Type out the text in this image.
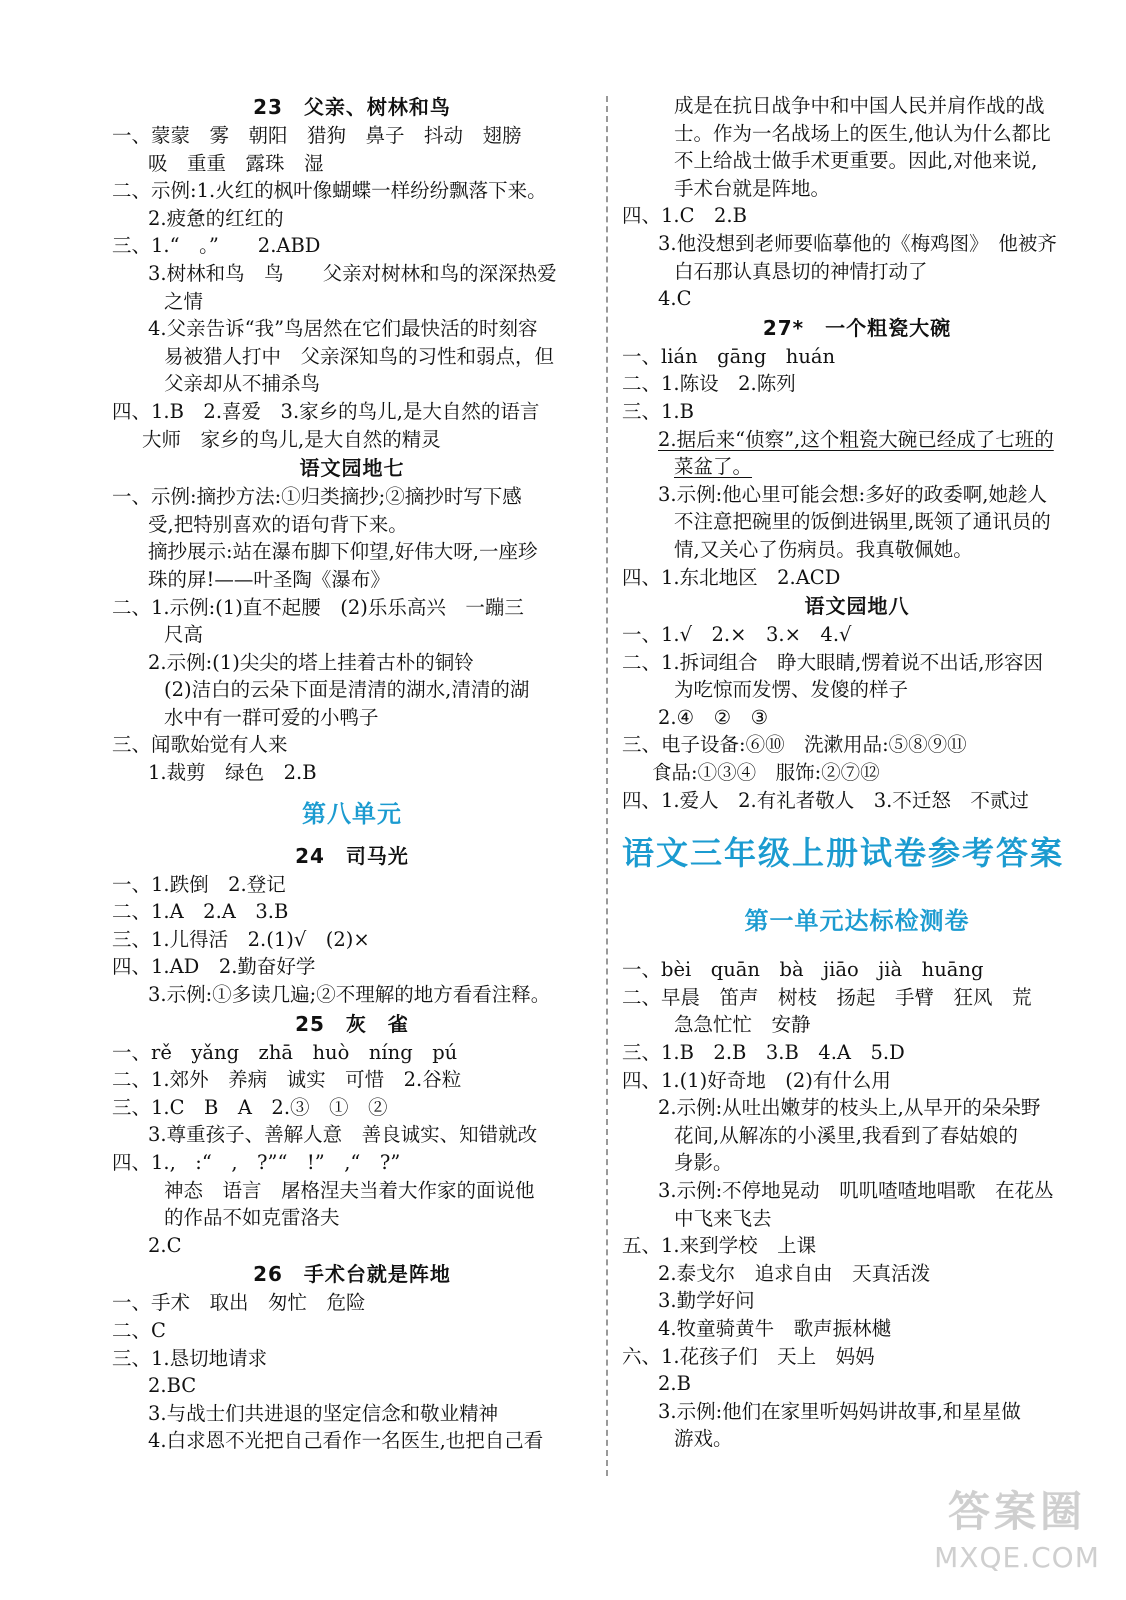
23　父亲、树林和鸟
一、蒙蒙　雾　朝阳　猎狗　鼻子　抖动　翅膀
吸　重重　露珠　湿
二、示例:1.火红的枫叶像蝴蝶一样纷纷飘落下来。
2.疲惫的红红的
三、1.“　。”　　2.ABD
3.树林和鸟　鸟　　父亲对树林和鸟的深深热爱
之情
4.父亲告诉“我”鸟居然在它们最快活的时刻容
易被猎人打中　父亲深知鸟的习性和弱点，但
父亲却从不捕杀鸟
四、1.B　2.喜爱　3.家乡的鸟儿,是大自然的语言
大师　家乡的鸟儿,是大自然的精灵
语文园地七
一、示例:摘抄方法:①归类摘抄;②摘抄时写下感
受,把特别喜欢的语句背下来。
摘抄展示:站在瀑布脚下仰望,好伟大呀,一座珍
珠的屏!——叶圣陶《瀑布》
二、1.示例:(1)直不起腰　(2)乐乐高兴　一蹦三
尺高
2.示例:(1)尖尖的塔上挂着古朴的铜铃
(2)洁白的云朵下面是清清的湖水,清清的湖
水中有一群可爱的小鸭子
三、闻歌始觉有人来
1.裁剪　绿色　2.B
第八单元
24　司马光
一、1.跌倒　2.登记
二、1.A　2.A　3.B
三、1.儿得活　2.(1)√　(2)×
四、1.AD　2.勤奋好学
3.示例:①多读几遍;②不理解的地方看看注释。
25　灰　雀
一、rě　yǎng　zhā　huò　níng　pú
二、1.郊外　养病　诚实　可惜　2.谷粒
三、1.C　B　A　2.③　①　②
3.尊重孩子、善解人意　善良诚实、知错就改
四、1.,　:“　,　?”“　!”　,“　?”
神态　语言　屠格涅夫当着大作家的面说他
的作品不如克雷洛夫
2.C
26　手术台就是阵地
一、手术　取出　匆忙　危险
二、C
三、1.恳切地请求
2.BC
3.与战士们共进退的坚定信念和敬业精神
4.白求恩不光把自己看作一名医生,也把自己看
成是在抗日战争中和中国人民并肩作战的战
士。作为一名战场上的医生,他认为什么都比
不上给战士做手术更重要。因此,对他来说,
手术台就是阵地。
四、1.C　2.B
3.他没想到老师要临摹他的《梅鸡图》　他被齐
白石那认真恳切的神情打动了
4.C
27*　一个粗瓷大碗
一、lián　gāng　huán
二、1.陈设　2.陈列
三、1.B
2.据后来“侦察”,这个粗瓷大碗已经成了七班的
菜盆了。
3.示例:他心里可能会想:多好的政委啊,她趁人
不注意把碗里的饭倒进锅里,既领了通讯员的
情,又关心了伤病员。我真敬佩她。
四、1.东北地区　2.ACD
语文园地八
一、1.√　2.×　3.×　4.√
二、1.拆词组合　睁大眼睛,愣着说不出话,形容因
为吃惊而发愣、发傻的样子
2.④　②　③
三、电子设备:⑥⑩　洗漱用品:⑤⑧⑨⑪
食品:①③④　服饰:②⑦⑫
四、1.爱人　2.有礼者敬人　3.不迁怒　不贰过
语文三年级上册试卷参考答案
第一单元达标检测卷
一、bèi　quān　bà　jiāo　jià　huāng
二、早晨　笛声　树枝　扬起　手臂　狂风　荒
急急忙忙　安静
三、1.B　2.B　3.B　4.A　5.D
四、1.(1)好奇地　(2)有什么用
2.示例:从吐出嫩芽的枝头上,从早开的朵朵野
花间,从解冻的小溪里,我看到了春姑娘的
身影。
3.示例:不停地晃动　叽叽喳喳地唱歌　在花丛
中飞来飞去
五、1.来到学校　上课
2.泰戈尔　追求自由　天真活泼
3.勤学好问
4.牧童骑黄牛　歌声振林樾
六、1.花孩子们　天上　妈妈
2.B
3.示例:他们在家里听妈妈讲故事,和星星做
游戏。
答案圈
MXQE.COM
